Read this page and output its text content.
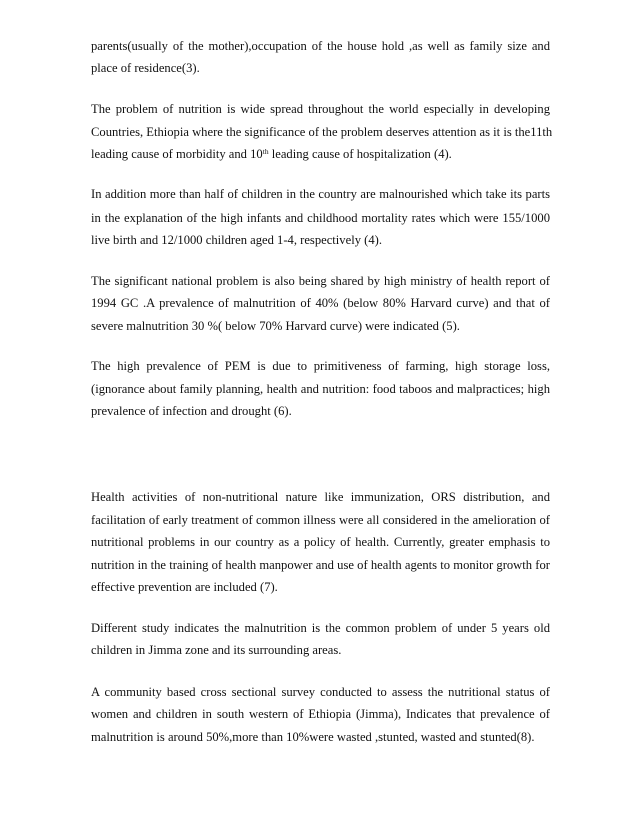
parents(usually of the mother),occupation of the house hold ,as well as family size and
place of residence(3).
The problem of nutrition is wide spread throughout the world especially in developing
Countries, Ethiopia where the significance of the problem deserves attention as it is the11th
leading cause of morbidity and 10th leading cause of hospitalization (4).
In addition more than half of children in the country are malnourished which take its parts
in the explanation of the high infants and childhood mortality rates which were 155/1000
live birth and 12/1000 children aged 1-4, respectively (4).
The significant national problem is also being shared by high ministry of health report of
1994 GC .A prevalence of malnutrition of 40% (below 80% Harvard curve) and that of
severe malnutrition 30 %( below 70% Harvard curve) were indicated (5).
The high prevalence of PEM is due to primitiveness of farming, high storage loss,
(ignorance about family planning, health and nutrition: food taboos and malpractices; high
prevalence of infection and drought (6).
Health activities of non-nutritional nature like immunization, ORS distribution, and
facilitation of early treatment of common illness were all considered in the amelioration of
nutritional problems in our country as a policy of health. Currently, greater emphasis to
nutrition in the training of health manpower and use of health agents to monitor growth for
effective prevention are included (7).
Different study indicates the malnutrition is the common problem of under 5 years old
children in Jimma zone and its surrounding areas.
A community based cross sectional survey conducted to assess the nutritional status of
women and children in south western of Ethiopia (Jimma), Indicates that prevalence of
malnutrition is around 50%,more than 10%were wasted ,stunted, wasted and stunted(8).
